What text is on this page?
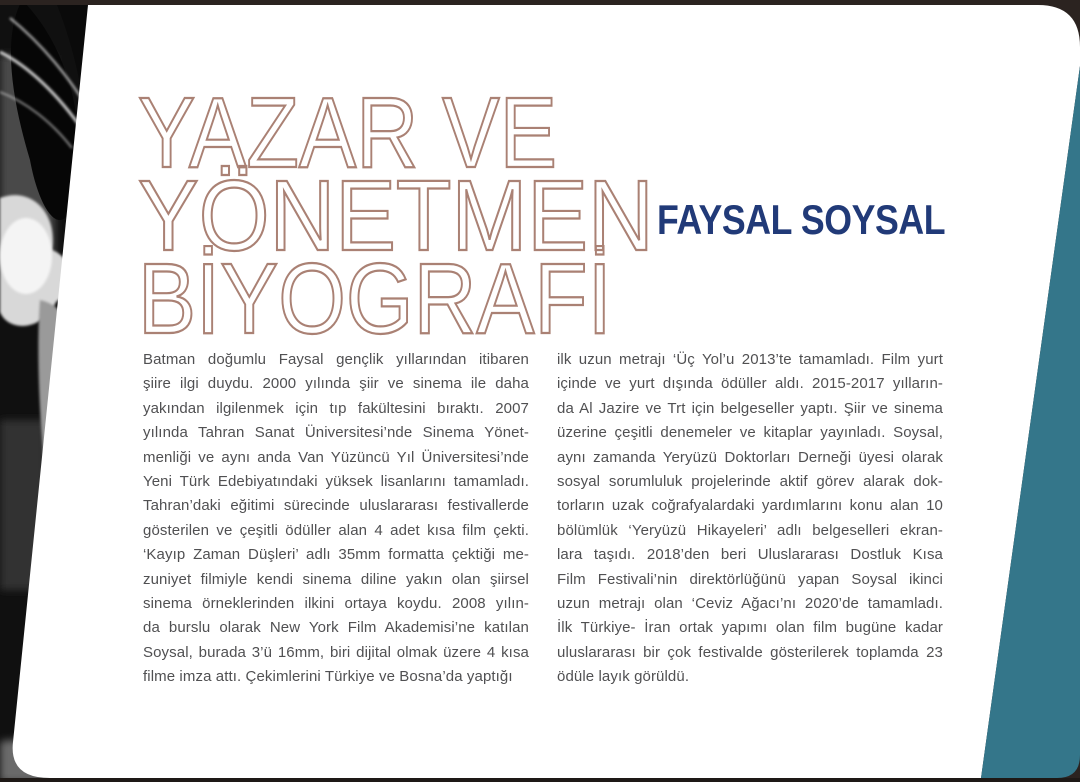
YAZAR VE
YÖNETMEN
BİYOGRAFİ
FAYSAL SOYSAL
Batman doğumlu Faysal gençlik yıllarından itibaren
şiire ilgi duydu. 2000 yılında şiir ve sinema ile daha
yakından ilgilenmek için tıp fakültesini bıraktı. 2007
yılında Tahran Sanat Üniversitesi’nde Sinema Yönet-
menliği ve aynı anda Van Yüzüncü Yıl Üniversitesi’nde
Yeni Türk Edebiyatındaki yüksek lisanlarını tamamladı.
Tahran’daki eğitimi sürecinde uluslararası festivallerde
gösterilen ve çeşitli ödüller alan 4 adet kısa film çekti.
‘Kayıp Zaman Düşleri’ adlı 35mm formatta çektiği me-
zuniyet filmiyle kendi sinema diline yakın olan şiirsel
sinema örneklerinden ilkini ortaya koydu. 2008 yılın-
da burslu olarak New York Film Akademisi’ne katılan
Soysal, burada 3’ü 16mm, biri dijital olmak üzere 4 kısa
filme imza attı. Çekimlerini Türkiye ve Bosna’da yaptığı
ilk uzun metrajı ‘Üç Yol’u 2013’te tamamladı. Film yurt
içinde ve yurt dışında ödüller aldı. 2015-2017 yılların-
da Al Jazire ve Trt için belgeseller yaptı. Şiir ve sinema
üzerine çeşitli denemeler ve kitaplar yayınladı. Soysal,
aynı zamanda Yeryüzü Doktorları Derneği üyesi olarak
sosyal sorumluluk projelerinde aktif görev alarak dok-
torların uzak coğrafyalardaki yardımlarını konu alan 10
bölümlük ‘Yeryüzü Hikayeleri’ adlı belgeselleri ekran-
lara taşıdı. 2018’den beri Uluslararası Dostluk Kısa
Film Festivali’nin direktörlüğünü yapan Soysal ikinci
uzun metrajı olan ‘Ceviz Ağacı’nı 2020’de tamamladı.
İlk Türkiye- İran ortak yapımı olan film bugüne kadar
uluslararası bir çok festivalde gösterilerek toplamda 23
ödüle layık görüldü.
